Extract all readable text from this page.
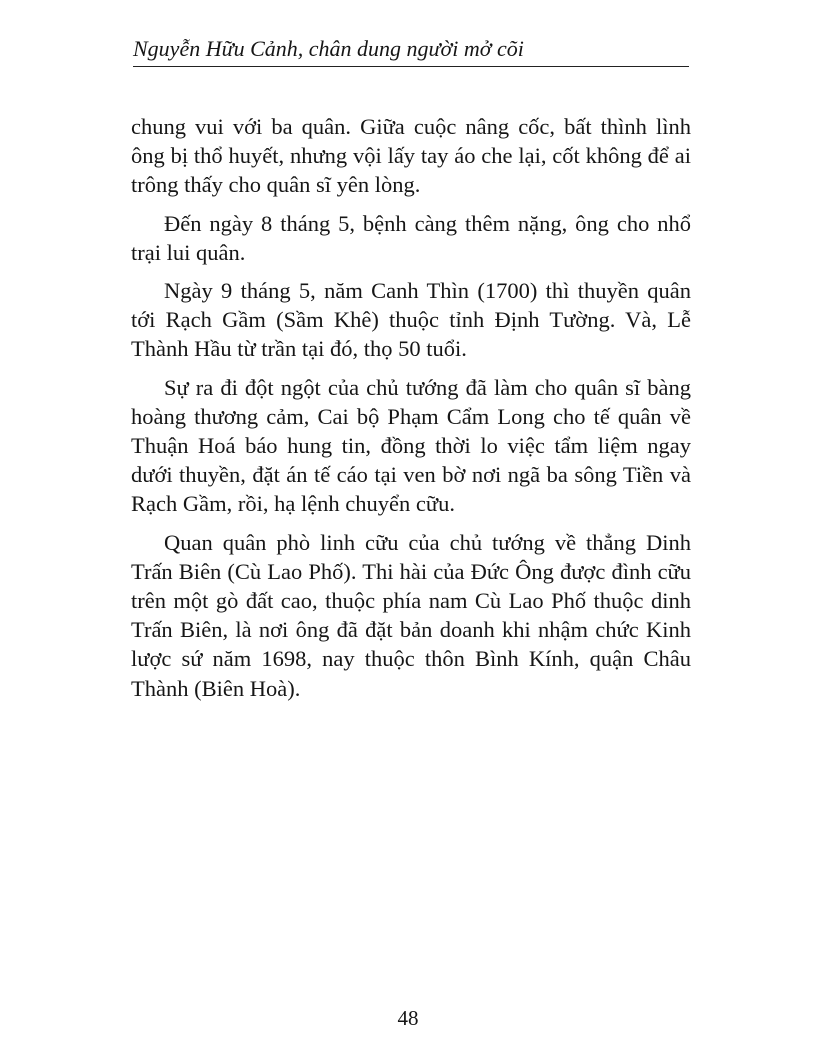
Nguyễn Hữu Cảnh, chân dung người mở cõi

chung vui với ba quân. Giữa cuộc nâng cốc, bất thình lình ông bị thổ huyết, nhưng vội lấy tay áo che lại, cốt không để ai trông thấy cho quân sĩ yên lòng.

Đến ngày 8 tháng 5, bệnh càng thêm nặng, ông cho nhổ trại lui quân.

Ngày 9 tháng 5, năm Canh Thìn (1700) thì thuyền quân tới Rạch Gầm (Sầm Khê) thuộc tỉnh Định Tường. Và, Lễ Thành Hầu từ trần tại đó, thọ 50 tuổi.

Sự ra đi đột ngột của chủ tướng đã làm cho quân sĩ bàng hoàng thương cảm, Cai bộ Phạm Cẩm Long cho tế quân về Thuận Hoá báo hung tin, đồng thời lo việc tẩm liệm ngay dưới thuyền, đặt án tế cáo tại ven bờ nơi ngã ba sông Tiền và Rạch Gầm, rồi, hạ lệnh chuyển cữu.

Quan quân phò linh cữu của chủ tướng về thẳng Dinh Trấn Biên (Cù Lao Phố). Thi hài của Đức Ông được đình cữu trên một gò đất cao, thuộc phía nam Cù Lao Phố thuộc dinh Trấn Biên, là nơi ông đã đặt bản doanh khi nhậm chức Kinh lược sứ năm 1698, nay thuộc thôn Bình Kính, quận Châu Thành (Biên Hoà).

48
